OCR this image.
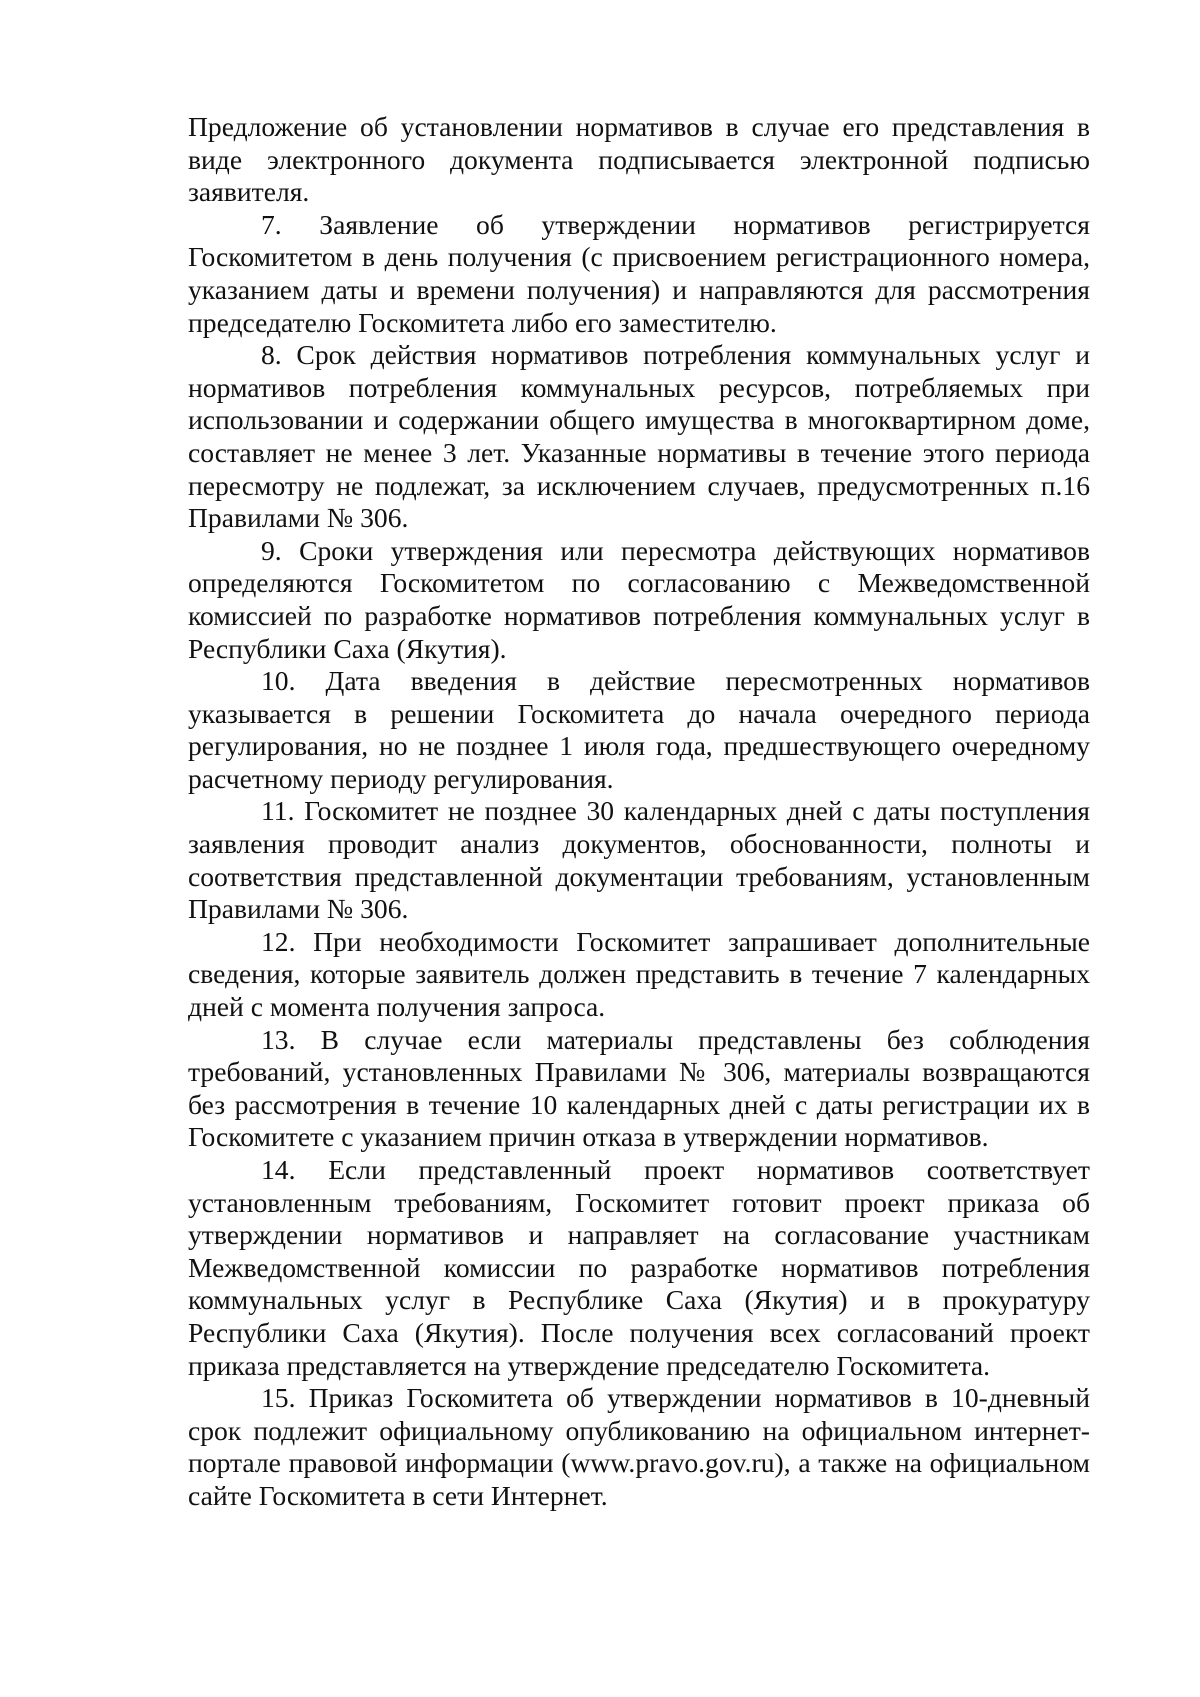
Предложение об установлении нормативов в случае его представления в виде электронного документа подписывается электронной подписью заявителя.

7. Заявление об утверждении нормативов регистрируется Госкомитетом в день получения (с присвоением регистрационного номера, указанием даты и времени получения) и направляются для рассмотрения председателю Госкомитета либо его заместителю.

8. Срок действия нормативов потребления коммунальных услуг и нормативов потребления коммунальных ресурсов, потребляемых при использовании и содержании общего имущества в многоквартирном доме, составляет не менее 3 лет. Указанные нормативы в течение этого периода пересмотру не подлежат, за исключением случаев, предусмотренных п.16 Правилами № 306.

9. Сроки утверждения или пересмотра действующих нормативов определяются Госкомитетом по согласованию с Межведомственной комиссией по разработке нормативов потребления коммунальных услуг в Республики Саха (Якутия).

10. Дата введения в действие пересмотренных нормативов указывается в решении Госкомитета до начала очередного периода регулирования, но не позднее 1 июля года, предшествующего очередному расчетному периоду регулирования.

11. Госкомитет не позднее 30 календарных дней с даты поступления заявления проводит анализ документов, обоснованности, полноты и соответствия представленной документации требованиям, установленным Правилами № 306.

12. При необходимости Госкомитет запрашивает дополнительные сведения, которые заявитель должен представить в течение 7 календарных дней с момента получения запроса.

13. В случае если материалы представлены без соблюдения требований, установленных Правилами № 306, материалы возвращаются без рассмотрения в течение 10 календарных дней с даты регистрации их в Госкомитете с указанием причин отказа в утверждении нормативов.

14. Если представленный проект нормативов соответствует установленным требованиям, Госкомитет готовит проект приказа об утверждении нормативов и направляет на согласование участникам Межведомственной комиссии по разработке нормативов потребления коммунальных услуг в Республике Саха (Якутия) и в прокуратуру Республики Саха (Якутия). После получения всех согласований проект приказа представляется на утверждение председателю Госкомитета.

15. Приказ Госкомитета об утверждении нормативов в 10-дневный срок подлежит официальному опубликованию на официальном интернет-портале правовой информации (www.pravo.gov.ru), а также на официальном сайте Госкомитета в сети Интернет.
